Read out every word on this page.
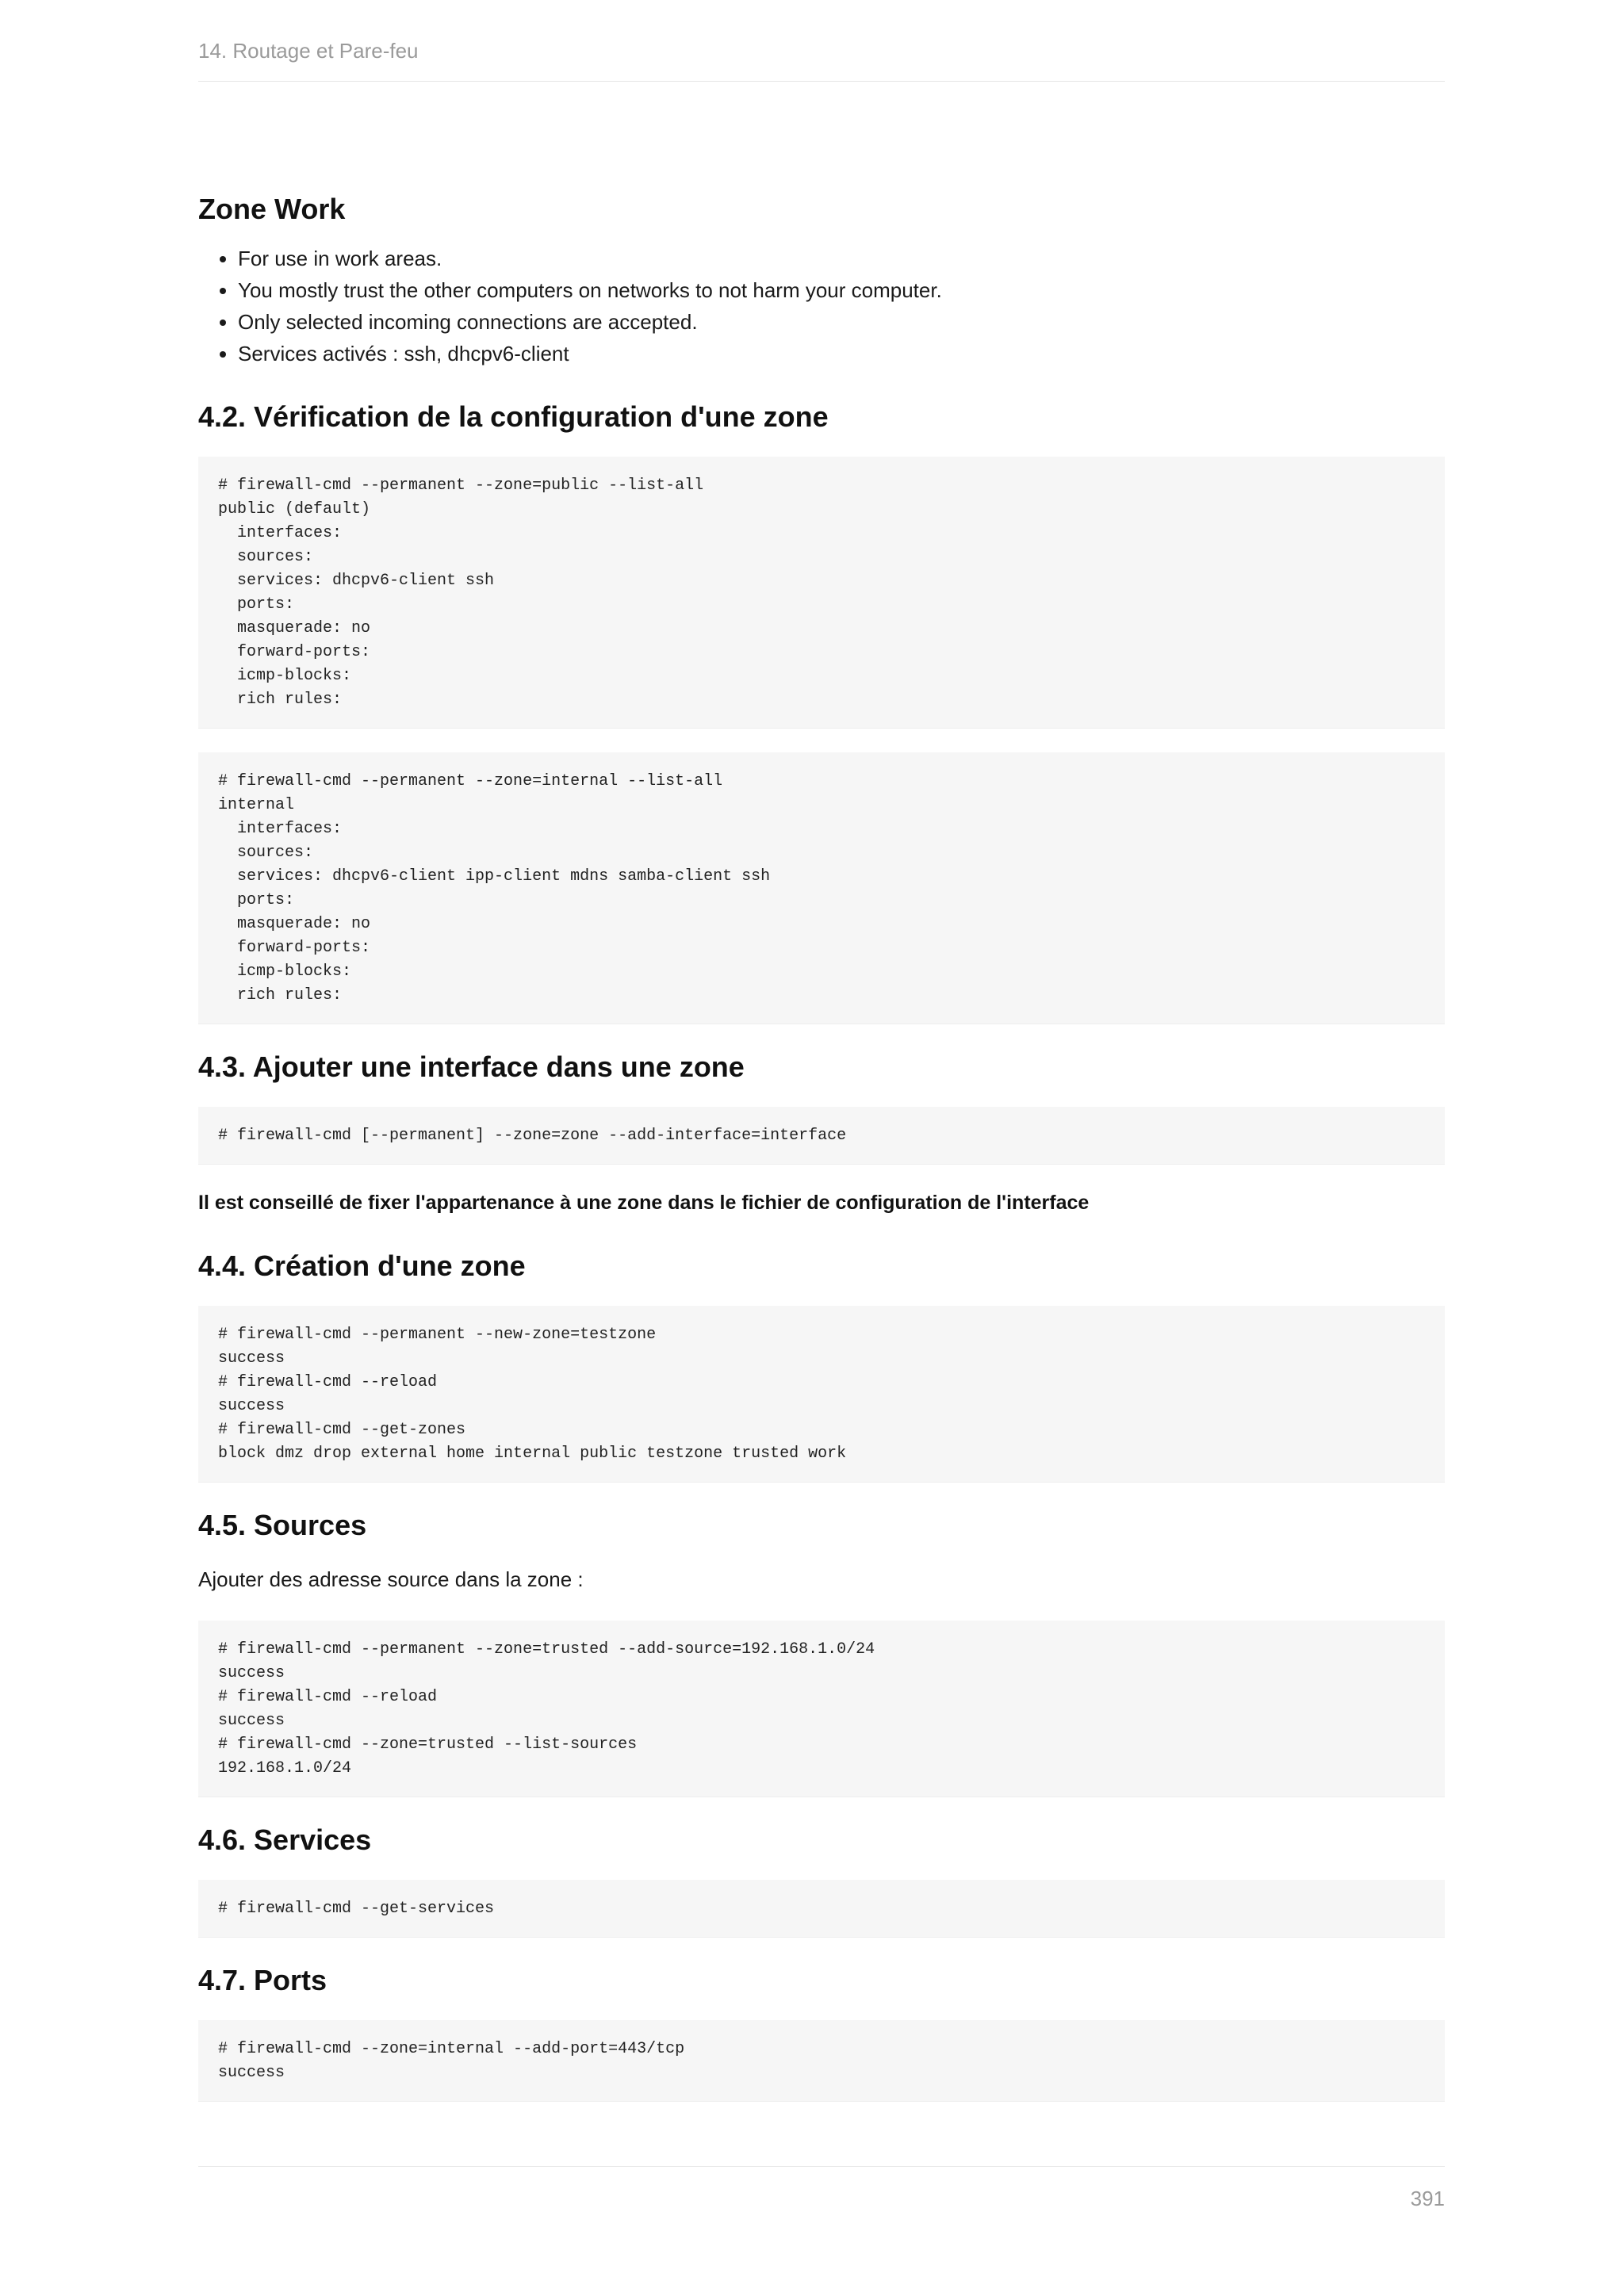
14. Routage et Pare-feu
Zone Work
• For use in work areas.
• You mostly trust the other computers on networks to not harm your computer.
• Only selected incoming connections are accepted.
• Services activés : ssh, dhcpv6-client
4.2. Vérification de la configuration d'une zone
# firewall-cmd --permanent --zone=public --list-all
public (default)
interfaces:
sources:
services: dhcpv6-client ssh
ports:
masquerade: no
forward-ports:
icmp-blocks:
rich rules:
# firewall-cmd --permanent --zone=internal --list-all
internal
interfaces:
sources:
services: dhcpv6-client ipp-client mdns samba-client ssh
ports:
masquerade: no
forward-ports:
icmp-blocks:
rich rules:
4.3. Ajouter une interface dans une zone
# firewall-cmd [--permanent] --zone=zone --add-interface=interface

Il est conseillé de fixer l'appartenance à une zone dans le fichier de configuration de l'interface

4.4. Création d'une zone
# firewall-cmd --permanent --new-zone=testzone
success
# firewall-cmd --reload
success
# firewall-cmd --get-zones
block dmz drop external home internal public testzone trusted work
4.5. Sources

Ajouter des adresse source dans la zone :

# firewall-cmd --permanent --zone=trusted --add-source=192.168.1.0/24
success
# firewall-cmd --reload
success
# firewall-cmd --zone=trusted --list-sources
192.168.1.0/24
4.6. Services
# firewall-cmd --get-services
4.7. Ports
# firewall-cmd --zone=internal --add-port=443/tcp
success
391
